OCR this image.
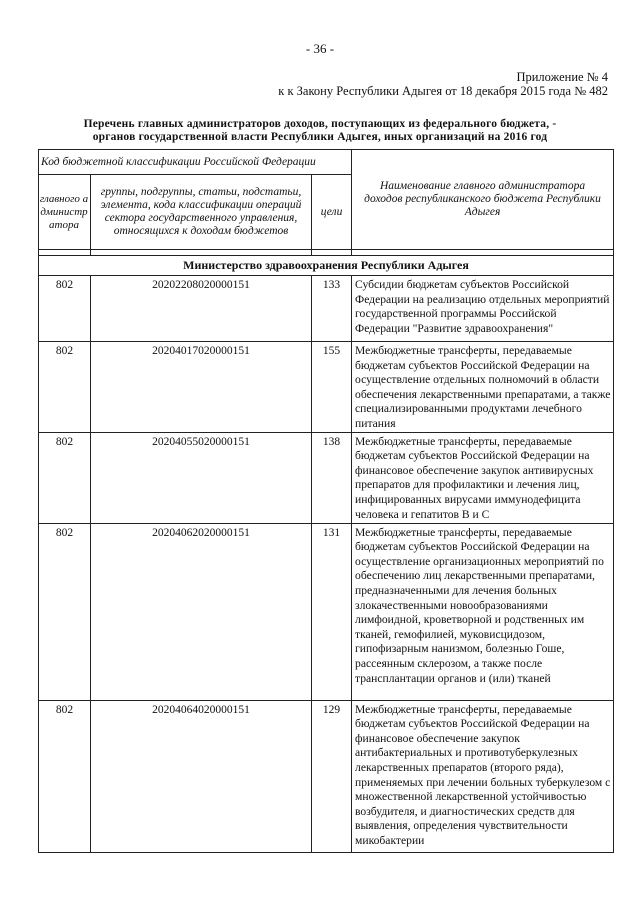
- 36 -
Приложение № 4
к к Закону Республики Адыгея от 18 декабря 2015 года № 482
Перечень главных администраторов доходов, поступающих из федерального бюджета, -
органов государственной власти Республики Адыгея, иных организаций на 2016 год
Код бюджетной классификации Российской Федерации			Наименование главного администратора доходов республиканского бюджета Республики Адыгея

главного администратора	группы, подгруппы, статьи, подстатьи, элемента, кода классификации операций сектора государственного управления, относящихся к доходам бюджетов	цели	

Министерство здравоохранения Республики Адыгея			
802	20202208020000151	133	Субсидии бюджетам субъектов Российской Федерации на реализацию отдельных мероприятий государственной программы Российской Федерации "Развитие здравоохранения"
802	20204017020000151	155	Межбюджетные трансферты, передаваемые бюджетам субъектов Российской Федерации на осуществление отдельных полномочий в области обеспечения лекарственными препаратами, а также специализированными продуктами лечебного питания
802	20204055020000151	138	Межбюджетные трансферты, передаваемые бюджетам субъектов Российской Федерации на финансовое обеспечение закупок антивирусных препаратов для профилактики и лечения лиц, инфицированных вирусами иммунодефицита человека и гепатитов В и С
802	20204062020000151	131	Межбюджетные трансферты, передаваемые бюджетам субъектов Российской Федерации на осуществление организационных мероприятий по обеспечению лиц лекарственными препаратами, предназначенными для лечения больных злокачественными новообразованиями лимфоидной, кроветворной и родственных им тканей, гемофилией, муковисцидозом, гипофизарным нанизмом, болезнью Гоше, рассеянным склерозом, а также после трансплантации органов и (или) тканей
802	20204064020000151	129	Межбюджетные трансферты, передаваемые бюджетам субъектов Российской Федерации на финансовое обеспечение закупок антибактериальных и противотуберкулезных лекарственных препаратов (второго ряда), применяемых при лечении больных туберкулезом с множественной лекарственной устойчивостью возбудителя, и диагностических средств для выявления, определения чувствительности микобактерии
